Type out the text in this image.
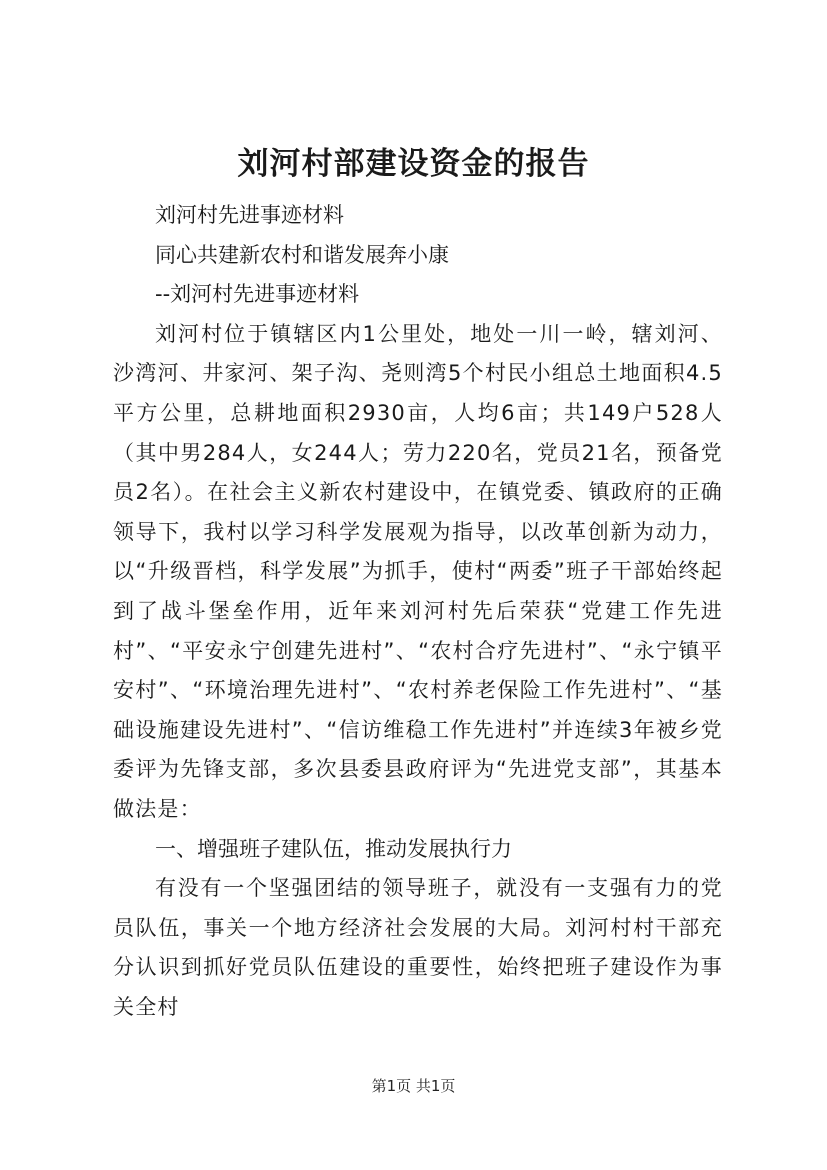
刘河村部建设资金的报告

刘河村先进事迹材料

同心共建新农村和谐发展奔小康

--刘河村先进事迹材料

刘河村位于镇辖区内1公里处，地处一川一岭，辖刘河、沙湾河、井家河、架子沟、尧则湾5个村民小组总土地面积4.5平方公里，总耕地面积2930亩，人均6亩；共149户528人（其中男284人，女244人；劳力220名，党员21名，预备党员2名）。在社会主义新农村建设中，在镇党委、镇政府的正确领导下，我村以学习科学发展观为指导，以改革创新为动力，以“升级晋档，科学发展”为抓手，使村“两委”班子干部始终起到了战斗堡垒作用，近年来刘河村先后荣获“党建工作先进村”、“平安永宁创建先进村”、“农村合疗先进村”、“永宁镇平安村”、“环境治理先进村”、“农村养老保险工作先进村”、“基础设施建设先进村”、“信访维稳工作先进村”并连续3年被乡党委评为先锋支部，多次县委县政府评为“先进党支部”，其基本做法是：

一、增强班子建队伍，推动发展执行力

有没有一个坚强团结的领导班子，就没有一支强有力的党员队伍，事关一个地方经济社会发展的大局。刘河村村干部充分认识到抓好党员队伍建设的重要性，始终把班子建设作为事关全村

第1页 共1页
